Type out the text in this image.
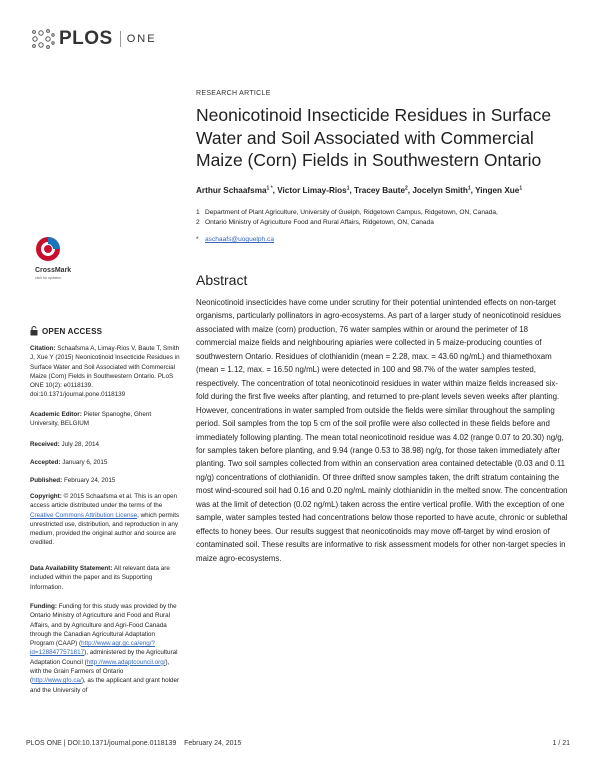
PLOS ONE
RESEARCH ARTICLE
Neonicotinoid Insecticide Residues in Surface Water and Soil Associated with Commercial Maize (Corn) Fields in Southwestern Ontario
Arthur Schaafsma$^{1 *}$, Victor Limay-Rios$^1$, Tracey Baute$^2$, Jocelyn Smith$^1$, Yingen Xue$^1$
1 Department of Plant Agriculture, University of Guelph, Ridgetown Campus, Ridgetown, ON, Canada,
2 Ontario Ministry of Agriculture Food and Rural Affairs, Ridgetown, ON, Canada
* aschaafs@uoguelph.ca
Abstract
Neonicotinoid insecticides have come under scrutiny for their potential unintended effects on non-target organisms, particularly pollinators in agro-ecosystems. As part of a larger study of neonicotinoid residues associated with maize (corn) production, 76 water samples within or around the perimeter of 18 commercial maize fields and neighbouring apiaries were collected in 5 maize-producing counties of southwestern Ontario. Residues of clothianidin (mean = 2.28, max. = 43.60 ng/mL) and thiamethoxam (mean = 1.12, max. = 16.50 ng/mL) were detected in 100 and 98.7% of the water samples tested, respectively. The concentration of total neonicotinoid residues in water within maize fields increased six-fold during the first five weeks after planting, and returned to pre-plant levels seven weeks after planting. However, concentrations in water sampled from outside the fields were similar throughout the sampling period. Soil samples from the top 5 cm of the soil profile were also collected in these fields before and immediately following planting. The mean total neonicotinoid residue was 4.02 (range 0.07 to 20.30) ng/g, for samples taken before planting, and 9.94 (range 0.53 to 38.98) ng/g, for those taken immediately after planting. Two soil samples collected from within an conservation area contained detectable (0.03 and 0.11 ng/g) concentrations of clothianidin. Of three drifted snow samples taken, the drift stratum containing the most wind-scoured soil had 0.16 and 0.20 ng/mL mainly clothianidin in the melted snow. The concentration was at the limit of detection (0.02 ng/mL) taken across the entire vertical profile. With the exception of one sample, water samples tested had concentrations below those reported to have acute, chronic or sublethal effects to honey bees. Our results suggest that neonicotinoids may move off-target by wind erosion of contaminated soil. These results are informative to risk assessment models for other non-target species in maize agro-ecosystems.
CrossMark
click for updates
OPEN ACCESS
Citation: Schaafsma A, Limay-Rios V, Baute T, Smith J, Xue Y (2015) Neonicotinoid Insecticide Residues in Surface Water and Soil Associated with Commercial Maize (Corn) Fields in Southwestern Ontario. PLoS ONE 10(2): e0118139. doi:10.1371/journal.pone.0118139
Academic Editor: Pieter Spanoghe, Ghent University, BELGIUM
Received: July 28, 2014
Accepted: January 6, 2015
Published: February 24, 2015
Copyright: © 2015 Schaafsma et al. This is an open access article distributed under the terms of the Creative Commons Attribution License, which permits unrestricted use, distribution, and reproduction in any medium, provided the original author and source are credited.
Data Availability Statement: All relevant data are included within the paper and its Supporting Information.
Funding: Funding for this study was provided by the Ontario Ministry of Agriculture and Food and Rural Affairs, and by Agriculture and Agri-Food Canada through the Canadian Agricultural Adaptation Program (CAAP) (http://www.agr.gc.ca/eng/?id=1288477571817), administered by the Agricultural Adaptation Council (http://www.adaptcouncil.org/), with the Grain Farmers of Ontario (http://www.gfo.ca/), as the applicant and grant holder and the University of
PLOS ONE | DOI:10.1371/journal.pone.0118139    February 24, 2015	1 / 21
